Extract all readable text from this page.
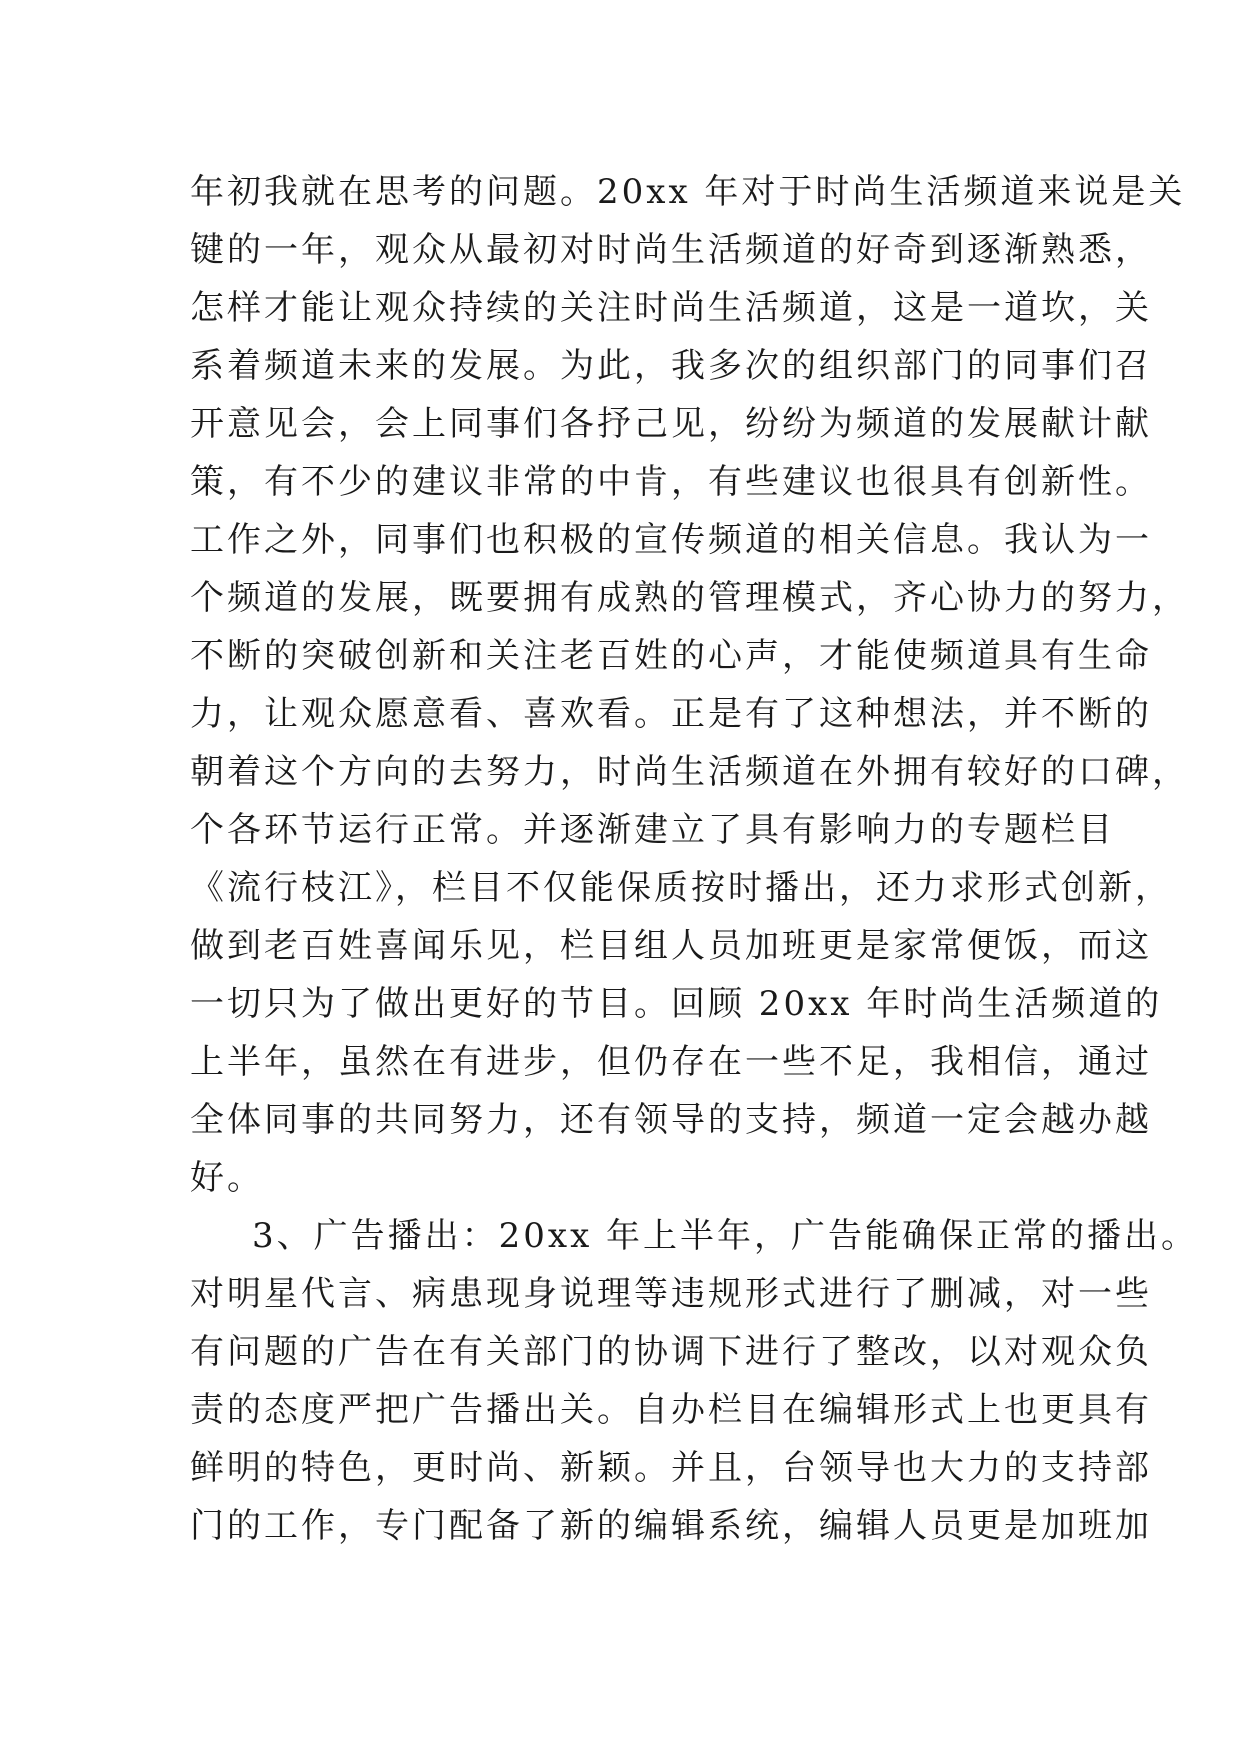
年初我就在思考的问题。20xx 年对于时尚生活频道来说是关
键的一年，观众从最初对时尚生活频道的好奇到逐渐熟悉，
怎样才能让观众持续的关注时尚生活频道，这是一道坎，关
系着频道未来的发展。为此，我多次的组织部门的同事们召
开意见会，会上同事们各抒己见，纷纷为频道的发展献计献
策，有不少的建议非常的中肯，有些建议也很具有创新性。
工作之外，同事们也积极的宣传频道的相关信息。我认为一
个频道的发展，既要拥有成熟的管理模式，齐心协力的努力，
不断的突破创新和关注老百姓的心声，才能使频道具有生命
力，让观众愿意看、喜欢看。正是有了这种想法，并不断的
朝着这个方向的去努力，时尚生活频道在外拥有较好的口碑，
个各环节运行正常。并逐渐建立了具有影响力的专题栏目
《流行枝江》，栏目不仅能保质按时播出，还力求形式创新，
做到老百姓喜闻乐见，栏目组人员加班更是家常便饭，而这
一切只为了做出更好的节目。回顾 20xx 年时尚生活频道的
上半年，虽然在有进步，但仍存在一些不足，我相信，通过
全体同事的共同努力，还有领导的支持，频道一定会越办越
好。
3、广告播出：20xx 年上半年，广告能确保正常的播出。
对明星代言、病患现身说理等违规形式进行了删减，对一些
有问题的广告在有关部门的协调下进行了整改，以对观众负
责的态度严把广告播出关。自办栏目在编辑形式上也更具有
鲜明的特色，更时尚、新颖。并且，台领导也大力的支持部
门的工作，专门配备了新的编辑系统，编辑人员更是加班加
